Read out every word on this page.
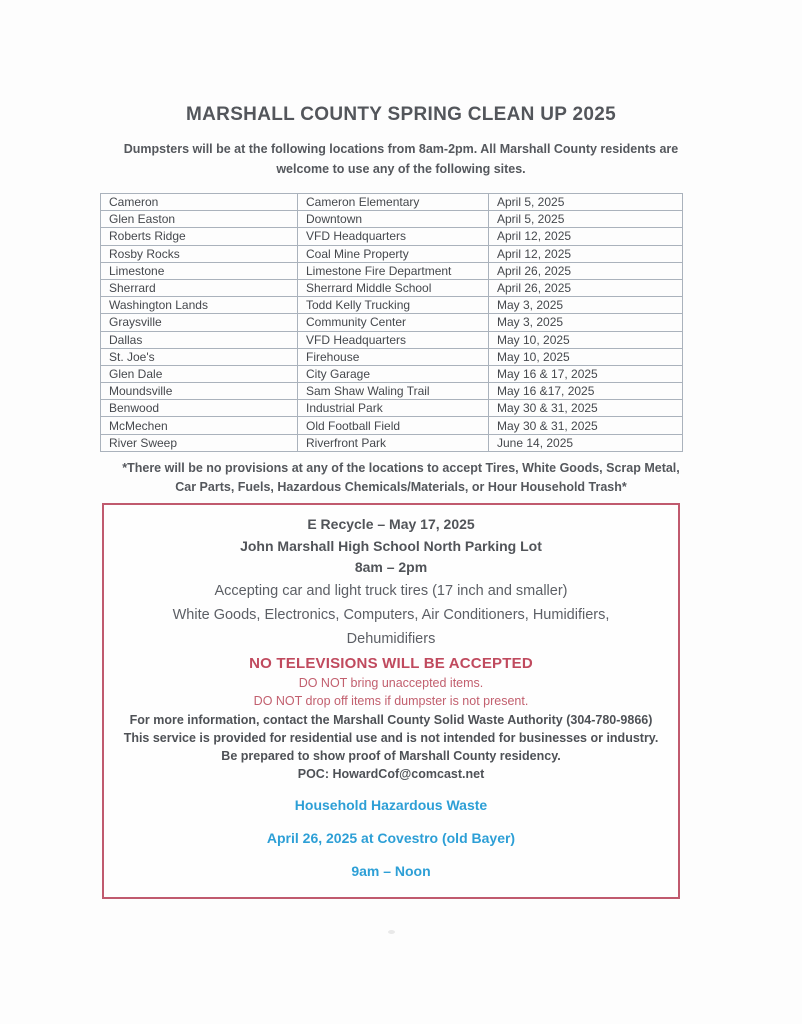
MARSHALL COUNTY SPRING CLEAN UP 2025

Dumpsters will be at the following locations from 8am-2pm. All Marshall County residents are
welcome to use any of the following sites.

Cameron	Cameron Elementary	April 5, 2025
Glen Easton	Downtown	April 5, 2025
Roberts Ridge	VFD Headquarters	April 12, 2025
Rosby Rocks	Coal Mine Property	April 12, 2025
Limestone	Limestone Fire Department	April 26, 2025
Sherrard	Sherrard Middle School	April 26, 2025
Washington Lands	Todd Kelly Trucking	May 3, 2025
Graysville	Community Center	May 3, 2025
Dallas	VFD Headquarters	May 10, 2025
St. Joe's	Firehouse	May 10, 2025
Glen Dale	City Garage	May 16 & 17, 2025
Moundsville	Sam Shaw Waling Trail	May 16 &17, 2025
Benwood	Industrial Park	May 30 & 31, 2025
McMechen	Old Football Field	May 30 & 31, 2025
River Sweep	Riverfront Park	June 14, 2025

*There will be no provisions at any of the locations to accept Tires, White Goods, Scrap Metal,
Car Parts, Fuels, Hazardous Chemicals/Materials, or Hour Household Trash*

E Recycle – May 17, 2025
John Marshall High School North Parking Lot
8am – 2pm
Accepting car and light truck tires (17 inch and smaller)
White Goods, Electronics, Computers, Air Conditioners, Humidifiers,
Dehumidifiers
NO TELEVISIONS WILL BE ACCEPTED
DO NOT bring unaccepted items.
DO NOT drop off items if dumpster is not present.
For more information, contact the Marshall County Solid Waste Authority (304-780-9866)
This service is provided for residential use and is not intended for businesses or industry.
Be prepared to show proof of Marshall County residency.
POC: HowardCof@comcast.net
Household Hazardous Waste
April 26, 2025 at Covestro (old Bayer)
9am – Noon
